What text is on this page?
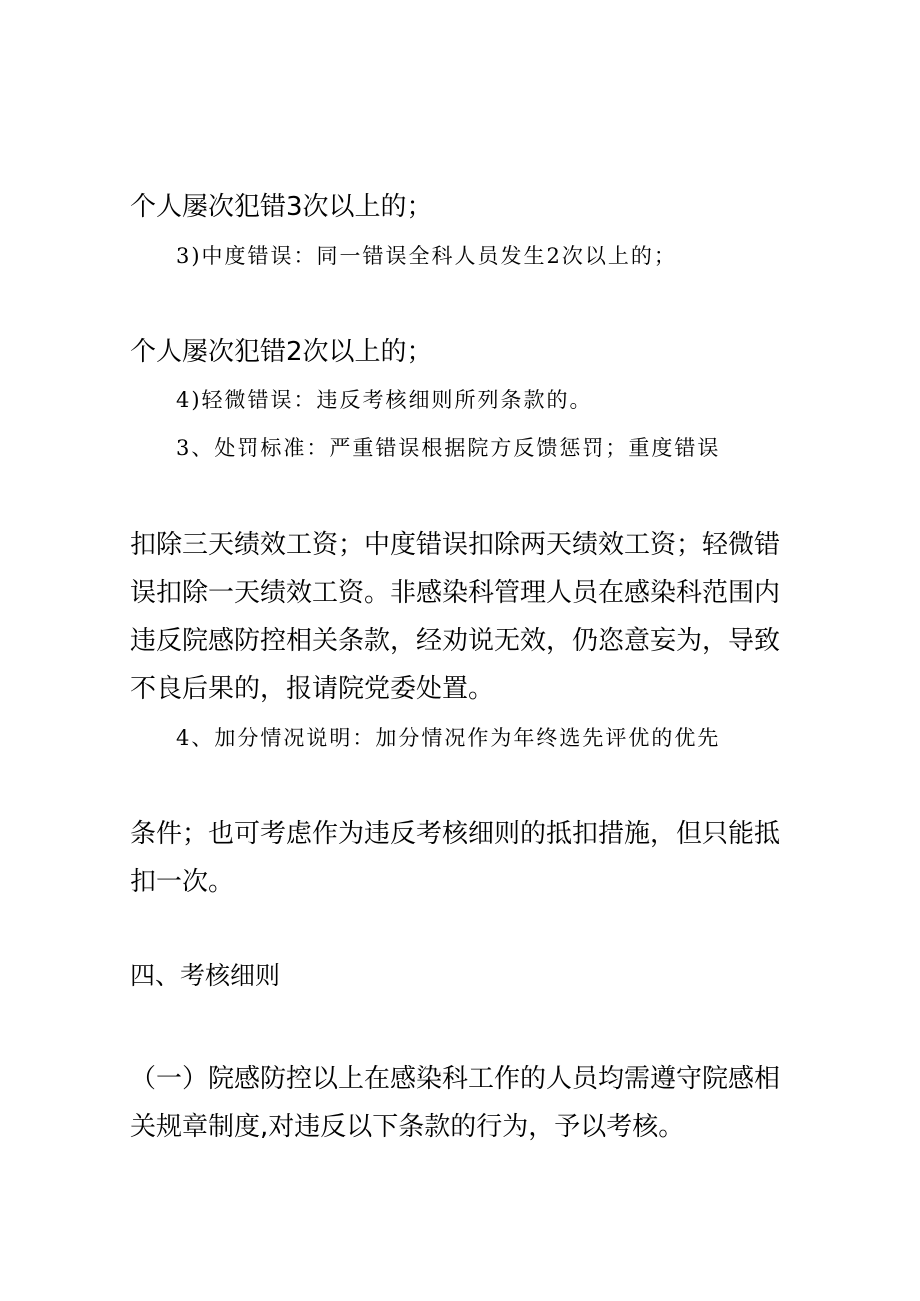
个人屡次犯错3次以上的；

3)中度错误：同一错误全科人员发生2次以上的；

个人屡次犯错2次以上的；

4)轻微错误：违反考核细则所列条款的。

3、处罚标准：严重错误根据院方反馈惩罚；重度错误

扣除三天绩效工资；中度错误扣除两天绩效工资；轻微错
误扣除一天绩效工资。非感染科管理人员在感染科范围内
违反院感防控相关条款，经劝说无效，仍恣意妄为，导致
不良后果的，报请院党委处置。

4、加分情况说明：加分情况作为年终选先评优的优先

条件；也可考虑作为违反考核细则的抵扣措施，但只能抵
扣一次。

四、考核细则

（一）院感防控以上在感染科工作的人员均需遵守院感相
关规章制度,对违反以下条款的行为，予以考核。
